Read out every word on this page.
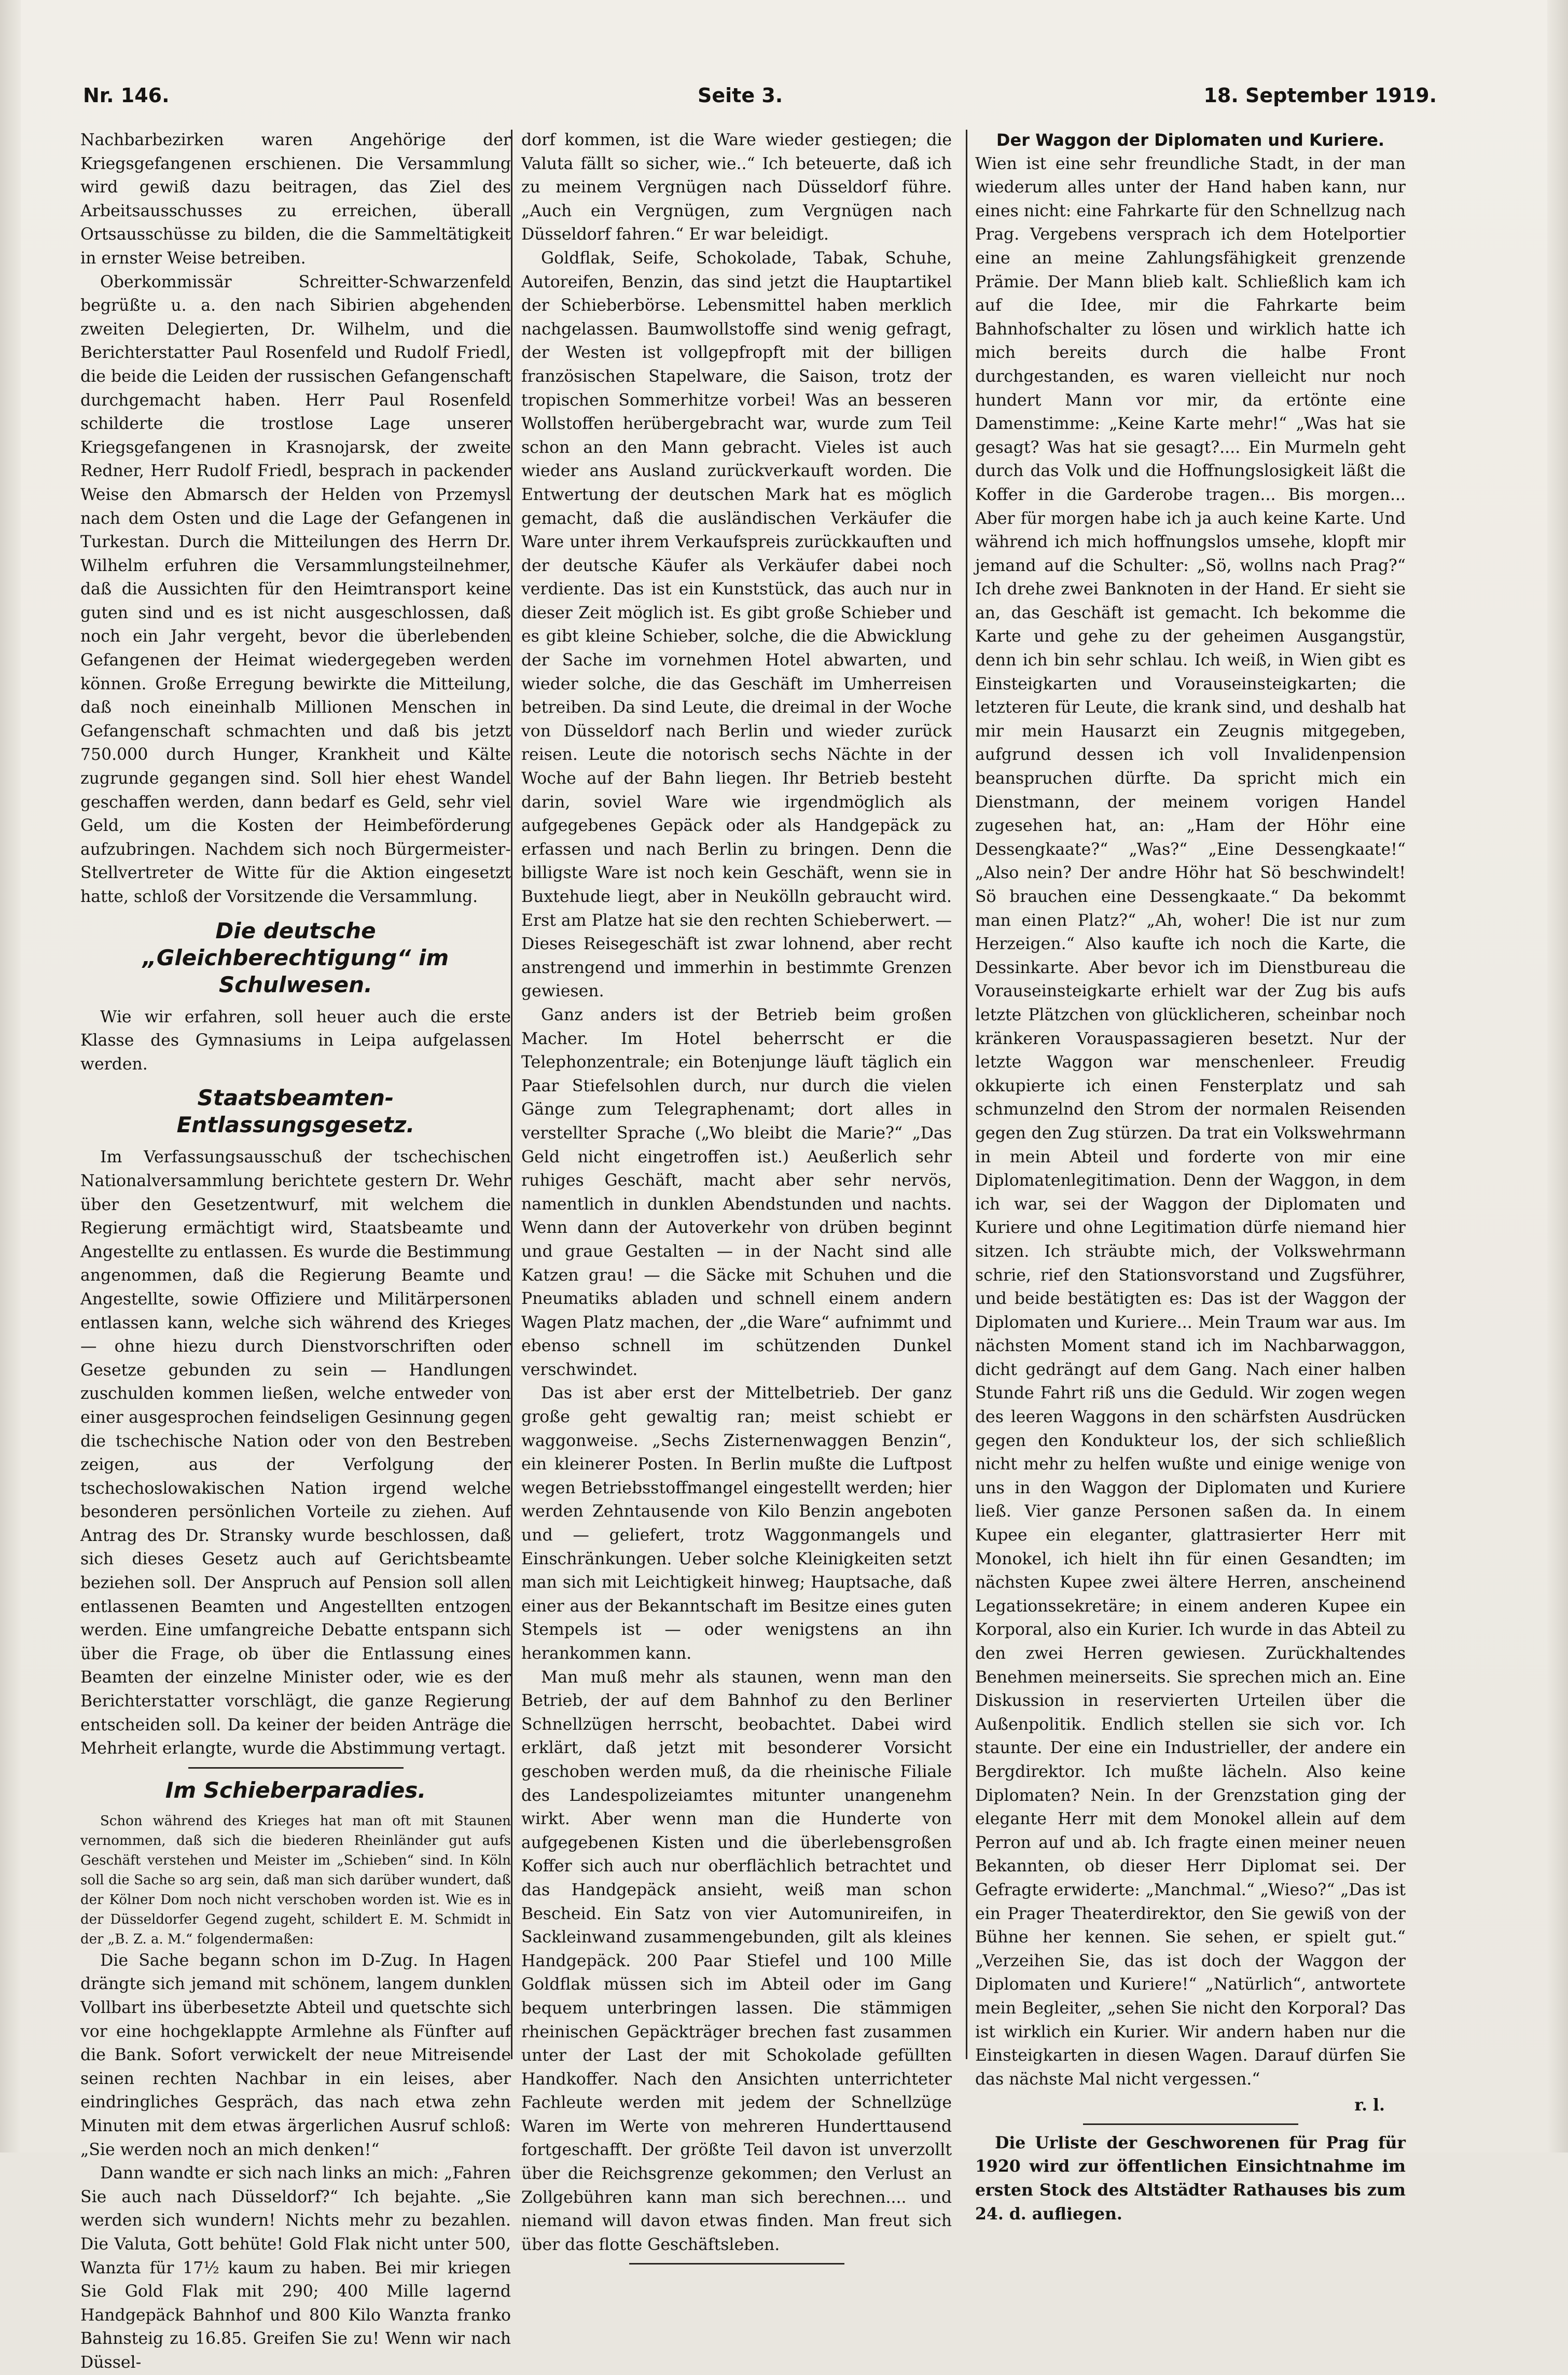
Nr. 146.	Seite 3.	18. September 1919.

Nachbarbezirken waren Angehörige der Kriegsgefangenen erschienen. Die Versammlung wird gewiß dazu beitragen, das Ziel des Arbeitsausschusses zu erreichen, überall Ortsausschüsse zu bilden, die die Sammeltätigkeit in ernster Weise betreiben.

Oberkommissär Schreitter-Schwarzenfeld begrüßte u. a. den nach Sibirien abgehenden zweiten Delegierten, Dr. Wilhelm, und die Berichterstatter Paul Rosenfeld und Rudolf Friedl, die beide die Leiden der russischen Gefangenschaft durchgemacht haben. Herr Paul Rosenfeld schilderte die trostlose Lage unserer Kriegsgefangenen in Krasnojarsk, der zweite Redner, Herr Rudolf Friedl, besprach in packender Weise den Abmarsch der Helden von Przemysl nach dem Osten und die Lage der Gefangenen in Turkestan. Durch die Mitteilungen des Herrn Dr. Wilhelm erfuhren die Versammlungsteilnehmer, daß die Aussichten für den Heimtransport keine guten sind und es ist nicht ausgeschlossen, daß noch ein Jahr vergeht, bevor die überlebenden Gefangenen der Heimat wiedergegeben werden können. Große Erregung bewirkte die Mitteilung, daß noch eineinhalb Millionen Menschen in Gefangenschaft schmachten und daß bis jetzt 750.000 durch Hunger, Krankheit und Kälte zugrunde gegangen sind. Soll hier ehest Wandel geschaffen werden, dann bedarf es Geld, sehr viel Geld, um die Kosten der Heimbeförderung aufzubringen. Nachdem sich noch Bürgermeister-Stellvertreter de Witte für die Aktion eingesetzt hatte, schloß der Vorsitzende die Versammlung.

Die deutsche „Gleichberechtigung“ im Schulwesen.

Wie wir erfahren, soll heuer auch die erste Klasse des Gymnasiums in Leipa aufgelassen werden.

Staatsbeamten-Entlassungsgesetz.

Im Verfassungsausschuß der tschechischen Nationalversammlung berichtete gestern Dr. Wehr über den Gesetzentwurf, mit welchem die Regierung ermächtigt wird, Staatsbeamte und Angestellte zu entlassen. Es wurde die Bestimmung angenommen, daß die Regierung Beamte und Angestellte, sowie Offiziere und Militärpersonen entlassen kann, welche sich während des Krieges — ohne hiezu durch Dienstvorschriften oder Gesetze gebunden zu sein — Handlungen zuschulden kommen ließen, welche entweder von einer ausgesprochen feindseligen Gesinnung gegen die tschechische Nation oder von den Bestreben zeigen, aus der Verfolgung der tschechoslowakischen Nation irgend welche besonderen persönlichen Vorteile zu ziehen. Auf Antrag des Dr. Stransky wurde beschlossen, daß sich dieses Gesetz auch auf Gerichtsbeamte beziehen soll. Der Anspruch auf Pension soll allen entlassenen Beamten und Angestellten entzogen werden. Eine umfangreiche Debatte entspann sich über die Frage, ob über die Entlassung eines Beamten der einzelne Minister oder, wie es der Berichterstatter vorschlägt, die ganze Regierung entscheiden soll. Da keiner der beiden Anträge die Mehrheit erlangte, wurde die Abstimmung vertagt.

Im Schieberparadies.

Schon während des Krieges hat man oft mit Staunen vernommen, daß sich die biederen Rheinländer gut aufs Geschäft verstehen und Meister im „Schieben“ sind. In Köln soll die Sache so arg sein, daß man sich darüber wundert, daß der Kölner Dom noch nicht verschoben worden ist. Wie es in der Düsseldorfer Gegend zugeht, schildert E. M. Schmidt in der „B. Z. a. M.“ folgendermaßen:

Die Sache begann schon im D-Zug. In Hagen drängte sich jemand mit schönem, langem dunklen Vollbart ins überbesetzte Abteil und quetschte sich vor eine hochgeklappte Armlehne als Fünfter auf die Bank. Sofort verwickelt der neue Mitreisende seinen rechten Nachbar in ein leises, aber eindringliches Gespräch, das nach etwa zehn Minuten mit dem etwas ärgerlichen Ausruf schloß: „Sie werden noch an mich denken!“

Dann wandte er sich nach links an mich: „Fahren Sie auch nach Düsseldorf?“ Ich bejahte. „Sie werden sich wundern! Nichts mehr zu bezahlen. Die Valuta, Gott behüte! Gold Flak nicht unter 500, Wanzta für 17½ kaum zu haben. Bei mir kriegen Sie Gold Flak mit 290; 400 Mille lagernd Handgepäck Bahnhof und 800 Kilo Wanzta franko Bahnsteig zu 16.85. Greifen Sie zu! Wenn wir nach Düssel-

dorf kommen, ist die Ware wieder gestiegen; die Valuta fällt so sicher, wie..“ Ich beteuerte, daß ich zu meinem Vergnügen nach Düsseldorf führe. „Auch ein Vergnügen, zum Vergnügen nach Düsseldorf fahren.“ Er war beleidigt.

Goldflak, Seife, Schokolade, Tabak, Schuhe, Autoreifen, Benzin, das sind jetzt die Hauptartikel der Schieberbörse. Lebensmittel haben merklich nachgelassen. Baumwollstoffe sind wenig gefragt, der Westen ist vollgepfropft mit der billigen französischen Stapelware, die Saison, trotz der tropischen Sommerhitze vorbei! Was an besseren Wollstoffen herübergebracht war, wurde zum Teil schon an den Mann gebracht. Vieles ist auch wieder ans Ausland zurückverkauft worden. Die Entwertung der deutschen Mark hat es möglich gemacht, daß die ausländischen Verkäufer die Ware unter ihrem Verkaufspreis zurückkauften und der deutsche Käufer als Verkäufer dabei noch verdiente. Das ist ein Kunststück, das auch nur in dieser Zeit möglich ist. Es gibt große Schieber und es gibt kleine Schieber, solche, die die Abwicklung der Sache im vornehmen Hotel abwarten, und wieder solche, die das Geschäft im Umherreisen betreiben. Da sind Leute, die dreimal in der Woche von Düsseldorf nach Berlin und wieder zurück reisen. Leute die notorisch sechs Nächte in der Woche auf der Bahn liegen. Ihr Betrieb besteht darin, soviel Ware wie irgendmöglich als aufgegebenes Gepäck oder als Handgepäck zu erfassen und nach Berlin zu bringen. Denn die billigste Ware ist noch kein Geschäft, wenn sie in Buxtehude liegt, aber in Neukölln gebraucht wird. Erst am Platze hat sie den rechten Schieberwert. — Dieses Reisegeschäft ist zwar lohnend, aber recht anstrengend und immerhin in bestimmte Grenzen gewiesen.

Ganz anders ist der Betrieb beim großen Macher. Im Hotel beherrscht er die Telephonzentrale; ein Botenjunge läuft täglich ein Paar Stiefelsohlen durch, nur durch die vielen Gänge zum Telegraphenamt; dort alles in verstellter Sprache („Wo bleibt die Marie?“ „Das Geld nicht eingetroffen ist.) Aeußerlich sehr ruhiges Geschäft, macht aber sehr nervös, namentlich in dunklen Abendstunden und nachts. Wenn dann der Autoverkehr von drüben beginnt und graue Gestalten — in der Nacht sind alle Katzen grau! — die Säcke mit Schuhen und die Pneumatiks abladen und schnell einem andern Wagen Platz machen, der „die Ware“ aufnimmt und ebenso schnell im schützenden Dunkel verschwindet.

Das ist aber erst der Mittelbetrieb. Der ganz große geht gewaltig ran; meist schiebt er waggonweise. „Sechs Zisternenwaggen Benzin“, ein kleinerer Posten. In Berlin mußte die Luftpost wegen Betriebsstoffmangel eingestellt werden; hier werden Zehntausende von Kilo Benzin angeboten und — geliefert, trotz Waggonmangels und Einschränkungen. Ueber solche Kleinigkeiten setzt man sich mit Leichtigkeit hinweg; Hauptsache, daß einer aus der Bekanntschaft im Besitze eines guten Stempels ist — oder wenigstens an ihn herankommen kann.

Man muß mehr als staunen, wenn man den Betrieb, der auf dem Bahnhof zu den Berliner Schnellzügen herrscht, beobachtet. Dabei wird erklärt, daß jetzt mit besonderer Vorsicht geschoben werden muß, da die rheinische Filiale des Landespolizeiamtes mitunter unangenehm wirkt. Aber wenn man die Hunderte von aufgegebenen Kisten und die überlebensgroßen Koffer sich auch nur oberflächlich betrachtet und das Handgepäck ansieht, weiß man schon Bescheid. Ein Satz von vier Automunireifen, in Sackleinwand zusammengebunden, gilt als kleines Handgepäck. 200 Paar Stiefel und 100 Mille Goldflak müssen sich im Abteil oder im Gang bequem unterbringen lassen. Die stämmigen rheinischen Gepäckträger brechen fast zusammen unter der Last der mit Schokolade gefüllten Handkoffer. Nach den Ansichten unterrichteter Fachleute werden mit jedem der Schnellzüge Waren im Werte von mehreren Hunderttausend fortgeschafft. Der größte Teil davon ist unverzollt über die Reichsgrenze gekommen; den Verlust an Zollgebühren kann man sich berechnen.... und niemand will davon etwas finden. Man freut sich über das flotte Geschäftsleben.

Der Waggon der Diplomaten und Kuriere.

Wien ist eine sehr freundliche Stadt, in der man wiederum alles unter der Hand haben kann, nur eines nicht: eine Fahrkarte für den Schnellzug nach Prag. Vergebens versprach ich dem Hotelportier eine an meine Zahlungsfähigkeit grenzende Prämie. Der Mann blieb kalt. Schließlich kam ich auf die Idee, mir die Fahrkarte beim Bahnhofschalter zu lösen und wirklich hatte ich mich bereits durch die halbe Front durchgestanden, es waren vielleicht nur noch hundert Mann vor mir, da ertönte eine Damenstimme: „Keine Karte mehr!“ „Was hat sie gesagt? Was hat sie gesagt?.... Ein Murmeln geht durch das Volk und die Hoffnungslosigkeit läßt die Koffer in die Garderobe tragen... Bis morgen... Aber für morgen habe ich ja auch keine Karte. Und während ich mich hoffnungslos umsehe, klopft mir jemand auf die Schulter: „Sö, wollns nach Prag?“ Ich drehe zwei Banknoten in der Hand. Er sieht sie an, das Geschäft ist gemacht. Ich bekomme die Karte und gehe zu der geheimen Ausgangstür, denn ich bin sehr schlau. Ich weiß, in Wien gibt es Einsteigkarten und Vorauseinsteigkarten; die letzteren für Leute, die krank sind, und deshalb hat mir mein Hausarzt ein Zeugnis mitgegeben, aufgrund dessen ich voll Invalidenpension beanspruchen dürfte. Da spricht mich ein Dienstmann, der meinem vorigen Handel zugesehen hat, an: „Ham der Höhr eine Dessengkaate?“ „Was?“ „Eine Dessengkaate!“ „Also nein? Der andre Höhr hat Sö beschwindelt! Sö brauchen eine Dessengkaate.“ Da bekommt man einen Platz?“ „Ah, woher! Die ist nur zum Herzeigen.“ Also kaufte ich noch die Karte, die Dessinkarte. Aber bevor ich im Dienstbureau die Vorauseinsteigkarte erhielt war der Zug bis aufs letzte Plätzchen von glücklicheren, scheinbar noch kränkeren Vorauspassagieren besetzt. Nur der letzte Waggon war menschenleer. Freudig okkupierte ich einen Fensterplatz und sah schmunzelnd den Strom der normalen Reisenden gegen den Zug stürzen. Da trat ein Volkswehrmann in mein Abteil und forderte von mir eine Diplomatenlegitimation. Denn der Waggon, in dem ich war, sei der Waggon der Diplomaten und Kuriere und ohne Legitimation dürfe niemand hier sitzen. Ich sträubte mich, der Volkswehrmann schrie, rief den Stationsvorstand und Zugsführer, und beide bestätigten es: Das ist der Waggon der Diplomaten und Kuriere... Mein Traum war aus. Im nächsten Moment stand ich im Nachbarwaggon, dicht gedrängt auf dem Gang. Nach einer halben Stunde Fahrt riß uns die Geduld. Wir zogen wegen des leeren Waggons in den schärfsten Ausdrücken gegen den Kondukteur los, der sich schließlich nicht mehr zu helfen wußte und einige wenige von uns in den Waggon der Diplomaten und Kuriere ließ. Vier ganze Personen saßen da. In einem Kupee ein eleganter, glattrasierter Herr mit Monokel, ich hielt ihn für einen Gesandten; im nächsten Kupee zwei ältere Herren, anscheinend Legationssekretäre; in einem anderen Kupee ein Korporal, also ein Kurier. Ich wurde in das Abteil zu den zwei Herren gewiesen. Zurückhaltendes Benehmen meinerseits. Sie sprechen mich an. Eine Diskussion in reservierten Urteilen über die Außenpolitik. Endlich stellen sie sich vor. Ich staunte. Der eine ein Industrieller, der andere ein Bergdirektor. Ich mußte lächeln. Also keine Diplomaten? Nein. In der Grenzstation ging der elegante Herr mit dem Monokel allein auf dem Perron auf und ab. Ich fragte einen meiner neuen Bekannten, ob dieser Herr Diplomat sei. Der Gefragte erwiderte: „Manchmal.“ „Wieso?“ „Das ist ein Prager Theaterdirektor, den Sie gewiß von der Bühne her kennen. Sie sehen, er spielt gut.“ „Verzeihen Sie, das ist doch der Waggon der Diplomaten und Kuriere!“ „Natürlich“, antwortete mein Begleiter, „sehen Sie nicht den Korporal? Das ist wirklich ein Kurier. Wir andern haben nur die Einsteigkarten in diesen Wagen. Darauf dürfen Sie das nächste Mal nicht vergessen.“

r. l.

Die Urliste der Geschworenen für Prag für 1920 wird zur öffentlichen Einsichtnahme im ersten Stock des Altstädter Rathauses bis zum 24. d. aufliegen.
